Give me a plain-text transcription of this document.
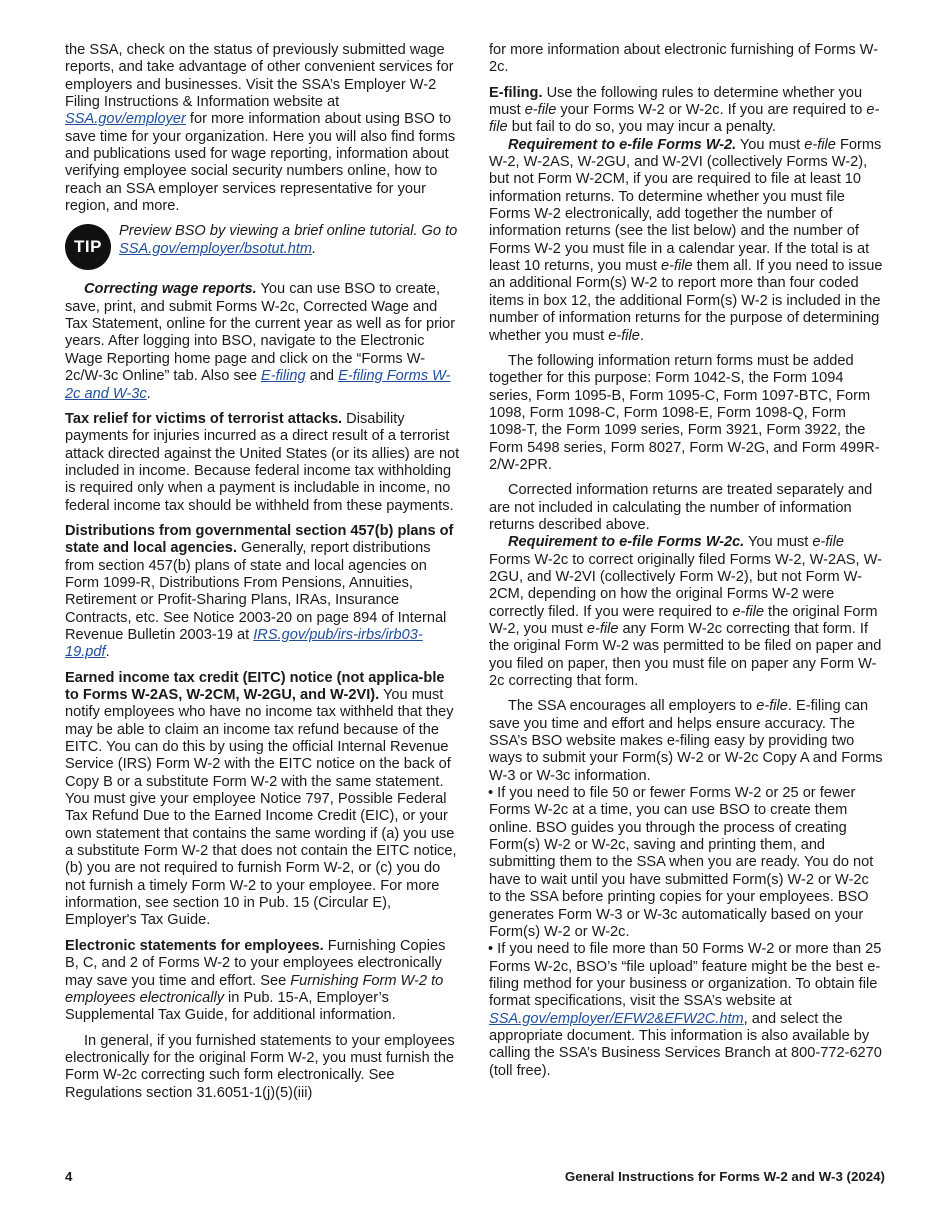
the SSA, check on the status of previously submitted wage reports, and take advantage of other convenient services for employers and businesses. Visit the SSA’s Employer W-2 Filing Instructions & Information website at SSA.gov/employer for more information about using BSO to save time for your organization. Here you will also find forms and publications used for wage reporting, information about verifying employee social security numbers online, how to reach an SSA employer services representative for your region, and more.

TIP
Preview BSO by viewing a brief online tutorial. Go to SSA.gov/employer/bsotut.htm.

Correcting wage reports. You can use BSO to create, save, print, and submit Forms W-2c, Corrected Wage and Tax Statement, online for the current year as well as for prior years. After logging into BSO, navigate to the Electronic Wage Reporting home page and click on the “Forms W-2c/W-3c Online” tab. Also see E-filing and E-filing Forms W-2c and W-3c.

Tax relief for victims of terrorist attacks. Disability payments for injuries incurred as a direct result of a terrorist attack directed against the United States (or its allies) are not included in income. Because federal income tax withholding is required only when a payment is includable in income, no federal income tax should be withheld from these payments.

Distributions from governmental section 457(b) plans of state and local agencies. Generally, report distributions from section 457(b) plans of state and local agencies on Form 1099-R, Distributions From Pensions, Annuities, Retirement or Profit-Sharing Plans, IRAs, Insurance Contracts, etc. See Notice 2003-20 on page 894 of Internal Revenue Bulletin 2003-19 at IRS.gov/pub/irs-irbs/irb03-19.pdf.

Earned income tax credit (EITC) notice (not applica-ble to Forms W-2AS, W-2CM, W-2GU, and W-2VI). You must notify employees who have no income tax withheld that they may be able to claim an income tax refund because of the EITC. You can do this by using the official Internal Revenue Service (IRS) Form W-2 with the EITC notice on the back of Copy B or a substitute Form W-2 with the same statement. You must give your employee Notice 797, Possible Federal Tax Refund Due to the Earned Income Credit (EIC), or your own statement that contains the same wording if (a) you use a substitute Form W-2 that does not contain the EITC notice, (b) you are not required to furnish Form W-2, or (c) you do not furnish a timely Form W-2 to your employee. For more information, see section 10 in Pub. 15 (Circular E), Employer's Tax Guide.

Electronic statements for employees. Furnishing Copies B, C, and 2 of Forms W-2 to your employees electronically may save you time and effort. See Furnishing Form W-2 to employees electronically in Pub. 15-A, Employer’s Supplemental Tax Guide, for additional information.

In general, if you furnished statements to your employees electronically for the original Form W-2, you must furnish the Form W-2c correcting such form electronically. See Regulations section 31.6051-1(j)(5)(iii)

for more information about electronic furnishing of Forms W-2c.

E-filing. Use the following rules to determine whether you must e-file your Forms W-2 or W-2c. If you are required to e-file but fail to do so, you may incur a penalty.

Requirement to e-file Forms W-2. You must e-file Forms W-2, W-2AS, W-2GU, and W-2VI (collectively Forms W-2), but not Form W-2CM, if you are required to file at least 10 information returns. To determine whether you must file Forms W-2 electronically, add together the number of information returns (see the list below) and the number of Forms W-2 you must file in a calendar year. If the total is at least 10 returns, you must e-file them all. If you need to issue an additional Form(s) W-2 to report more than four coded items in box 12, the additional Form(s) W-2 is included in the number of information returns for the purpose of determining whether you must e-file.

The following information return forms must be added together for this purpose: Form 1042-S, the Form 1094 series, Form 1095-B, Form 1095-C, Form 1097-BTC, Form 1098, Form 1098-C, Form 1098-E, Form 1098-Q, Form 1098-T, the Form 1099 series, Form 3921, Form 3922, the Form 5498 series, Form 8027, Form W-2G, and Form 499R-2/W-2PR.

Corrected information returns are treated separately and are not included in calculating the number of information returns described above.

Requirement to e-file Forms W-2c. You must e-file Forms W-2c to correct originally filed Forms W-2, W-2AS, W-2GU, and W-2VI (collectively Form W-2), but not Form W-2CM, depending on how the original Forms W-2 were correctly filed. If you were required to e-file the original Form W-2, you must e-file any Form W-2c correcting that form. If the original Form W-2 was permitted to be filed on paper and you filed on paper, then you must file on paper any Form W-2c correcting that form.

The SSA encourages all employers to e-file. E-filing can save you time and effort and helps ensure accuracy. The SSA’s BSO website makes e-filing easy by providing two ways to submit your Form(s) W-2 or W-2c Copy A and Forms W-3 or W-3c information.

• If you need to file 50 or fewer Forms W-2 or 25 or fewer Forms W-2c at a time, you can use BSO to create them online. BSO guides you through the process of creating Form(s) W-2 or W-2c, saving and printing them, and submitting them to the SSA when you are ready. You do not have to wait until you have submitted Form(s) W-2 or W-2c to the SSA before printing copies for your employees. BSO generates Form W-3 or W-3c automatically based on your Form(s) W-2 or W-2c.

• If you need to file more than 50 Forms W-2 or more than 25 Forms W-2c, BSO’s “file upload” feature might be the best e-filing method for your business or organization. To obtain file format specifications, visit the SSA’s website at SSA.gov/employer/EFW2&EFW2C.htm, and select the appropriate document. This information is also available by calling the SSA’s Business Services Branch at 800-772-6270 (toll free).

4	General Instructions for Forms W-2 and W-3 (2024)
